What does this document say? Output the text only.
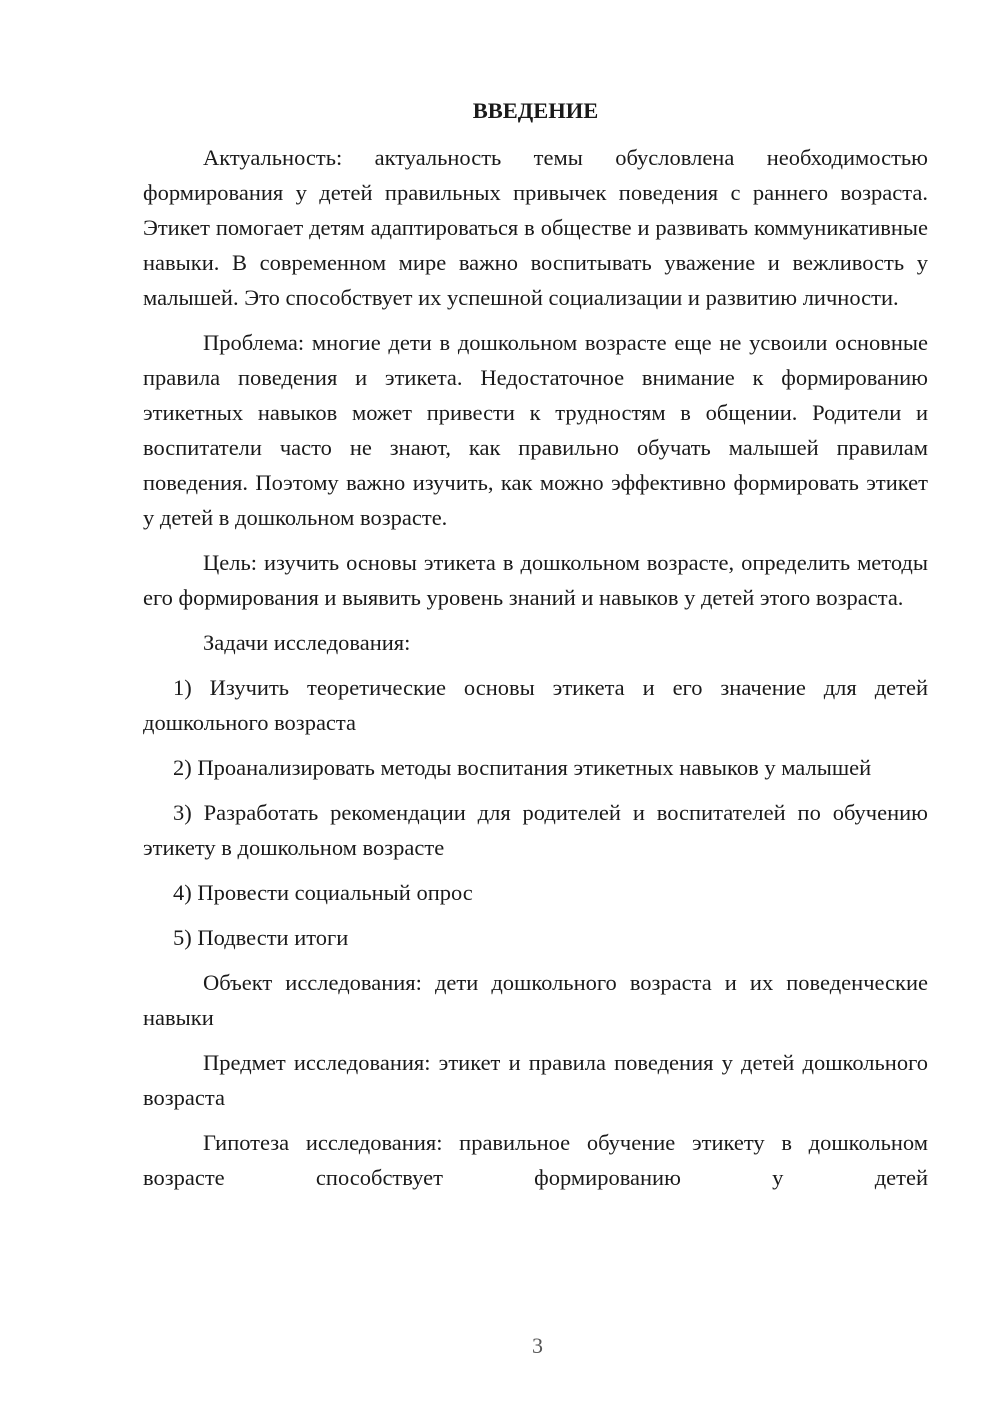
ВВЕДЕНИЕ

Актуальность: актуальность темы обусловлена необходимостью формирования у детей правильных привычек поведения с раннего возраста. Этикет помогает детям адаптироваться в обществе и развивать коммуникативные навыки. В современном мире важно воспитывать уважение и вежливость у малышей. Это способствует их успешной социализации и развитию личности.

Проблема: многие дети в дошкольном возрасте еще не усвоили основные правила поведения и этикета. Недостаточное внимание к формированию этикетных навыков может привести к трудностям в общении. Родители и воспитатели часто не знают, как правильно обучать малышей правилам поведения. Поэтому важно изучить, как можно эффективно формировать этикет у детей в дошкольном возрасте.

Цель: изучить основы этикета в дошкольном возрасте, определить методы его формирования и выявить уровень знаний и навыков у детей этого возраста.

Задачи исследования:

1) Изучить теоретические основы этикета и его значение для детей дошкольного возраста

2) Проанализировать методы воспитания этикетных навыков у малышей

3) Разработать рекомендации для родителей и воспитателей по обучению этикету в дошкольном возрасте

4) Провести социальный опрос

5) Подвести итоги

Объект исследования: дети дошкольного возраста и их поведенческие навыки

Предмет исследования: этикет и правила поведения у детей дошкольного возраста

Гипотеза исследования: правильное обучение этикету в дошкольном возрасте способствует формированию у детей

3
